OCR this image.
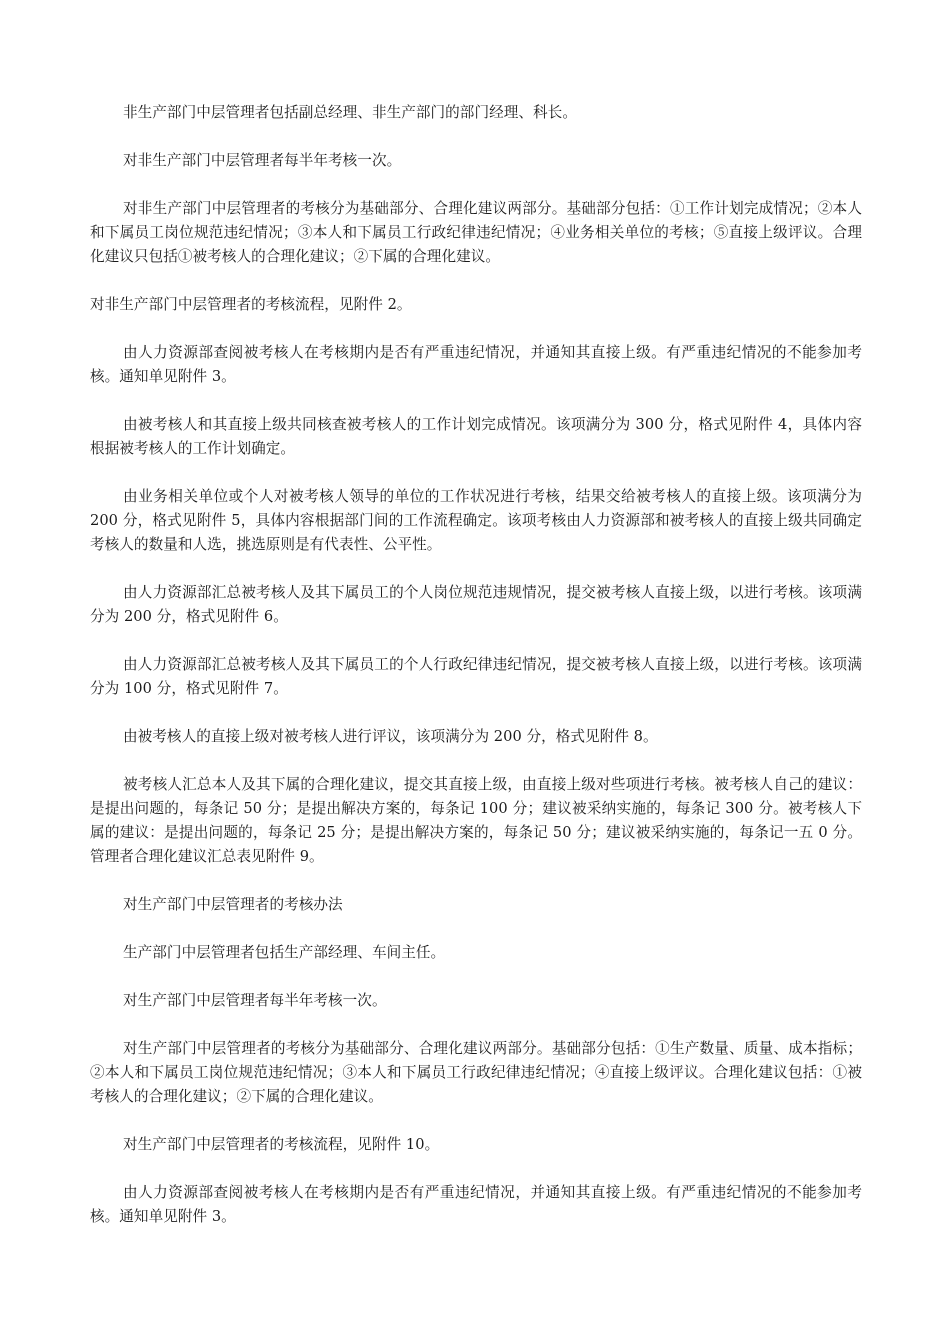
非生产部门中层管理者包括副总经理、非生产部门的部门经理、科长。

对非生产部门中层管理者每半年考核一次。

对非生产部门中层管理者的考核分为基础部分、合理化建议两部分。基础部分包括：①工作计划完成情况；②本人和下属员工岗位规范违纪情况；③本人和下属员工行政纪律违纪情况；④业务相关单位的考核；⑤直接上级评议。合理化建议只包括①被考核人的合理化建议；②下属的合理化建议。

对非生产部门中层管理者的考核流程，见附件 2。

由人力资源部查阅被考核人在考核期内是否有严重违纪情况，并通知其直接上级。有严重违纪情况的不能参加考核。通知单见附件 3。

由被考核人和其直接上级共同核查被考核人的工作计划完成情况。该项满分为 300 分，格式见附件 4，具体内容根据被考核人的工作计划确定。

由业务相关单位或个人对被考核人领导的单位的工作状况进行考核，结果交给被考核人的直接上级。该项满分为 200 分，格式见附件 5，具体内容根据部门间的工作流程确定。该项考核由人力资源部和被考核人的直接上级共同确定考核人的数量和人选，挑选原则是有代表性、公平性。

由人力资源部汇总被考核人及其下属员工的个人岗位规范违规情况，提交被考核人直接上级，以进行考核。该项满分为 200 分，格式见附件 6。

由人力资源部汇总被考核人及其下属员工的个人行政纪律违纪情况，提交被考核人直接上级，以进行考核。该项满分为 100 分，格式见附件 7。

由被考核人的直接上级对被考核人进行评议，该项满分为 200 分，格式见附件 8。

被考核人汇总本人及其下属的合理化建议，提交其直接上级，由直接上级对些项进行考核。被考核人自己的建议：是提出问题的，每条记 50 分；是提出解决方案的，每条记 100 分；建议被采纳实施的，每条记 300 分。被考核人下属的建议：是提出问题的，每条记 25 分；是提出解决方案的，每条记 50 分；建议被采纳实施的，每条记一五 0 分。管理者合理化建议汇总表见附件 9。

对生产部门中层管理者的考核办法

生产部门中层管理者包括生产部经理、车间主任。

对生产部门中层管理者每半年考核一次。

对生产部门中层管理者的考核分为基础部分、合理化建议两部分。基础部分包括：①生产数量、质量、成本指标；②本人和下属员工岗位规范违纪情况；③本人和下属员工行政纪律违纪情况；④直接上级评议。合理化建议包括：①被考核人的合理化建议；②下属的合理化建议。

对生产部门中层管理者的考核流程，见附件 10。

由人力资源部查阅被考核人在考核期内是否有严重违纪情况，并通知其直接上级。有严重违纪情况的不能参加考核。通知单见附件 3。
